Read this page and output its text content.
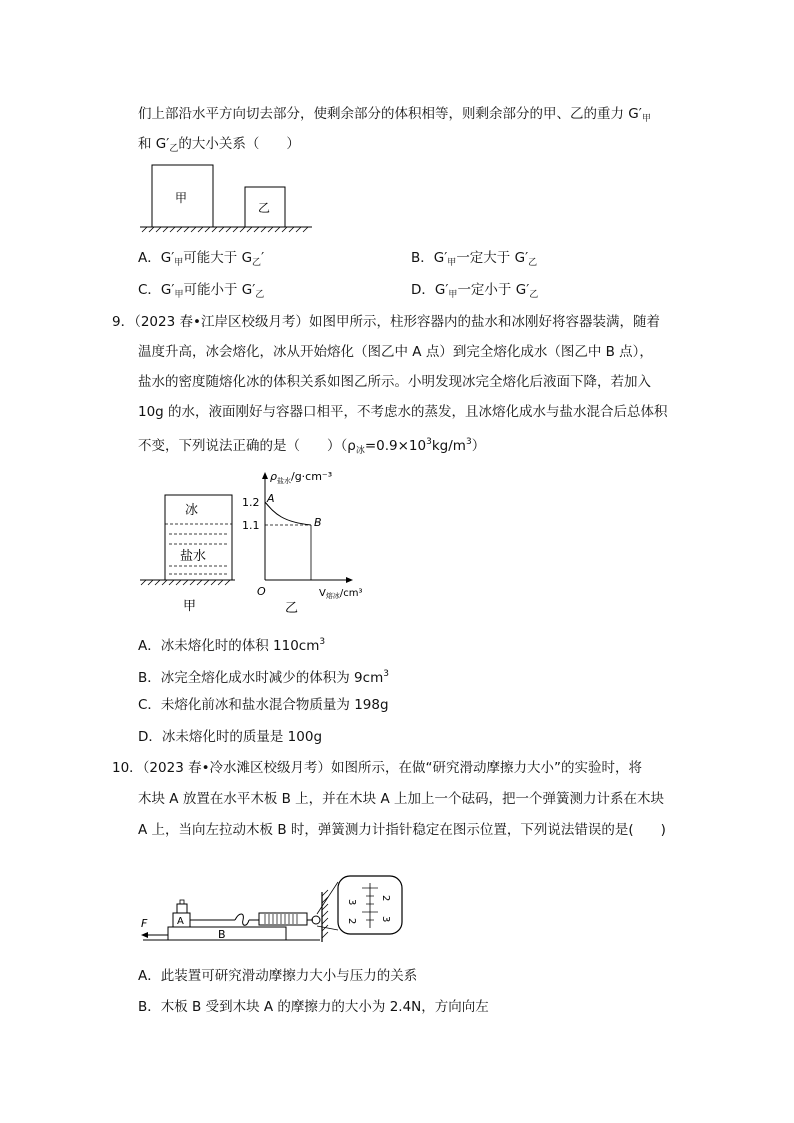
们上部沿水平方向切去部分，使剩余部分的体积相等，则剩余部分的甲、乙的重力 $G'_甲$
和 $G'_乙$的大小关系（　　）
甲
乙
A．$G'_甲$可能大于 $G_乙'$	B．$G'_甲$一定大于 $G'_乙$
C．$G'_甲$可能小于 $G'_乙$	D．$G'_甲$一定小于 $G'_乙$
9．（2023 春•江岸区校级月考）如图甲所示，柱形容器内的盐水和冰刚好将容器装满，随着
温度升高，冰会熔化，冰从开始熔化（图乙中 A 点）到完全熔化成水（图乙中 B 点），
盐水的密度随熔化冰的体积关系如图乙所示。小明发现冰完全熔化后液面下降，若加入
10g 的水，液面刚好与容器口相平，不考虑水的蒸发，且冰熔化成水与盐水混合后总体积
不变，下列说法正确的是（　　）$(\rho_冰=0.9\times 10^3kg/m^3)$
冰
盐水
甲
$\rho_{盐水}/g\cdot cm^{-3}$
1.2
1.1
A
B
O	$V_{熔冰}$/cm³
乙
A．冰未熔化时的体积 $110cm^3$
B．冰完全熔化成水时减少的体积为 $9cm^3$
C．未熔化前冰和盐水混合物质量为 198g
D．冰未熔化时的质量是 100g
10．（2023 春•冷水滩区校级月考）如图所示，在做“研究滑动摩擦力大小”的实验时，将
木块 A 放置在水平木板 B 上，并在木块 A 上加上一个砝码，把一个弹簧测力计系在木块
A 上，当向左拉动木板 B 时，弹簧测力计指针稳定在图示位置，下列说法错误的是(　　)
B
F	A
2
3
3
2
A．此装置可研究滑动摩擦力大小与压力的关系
B．木板 B 受到木块 A 的摩擦力的大小为 2.4N，方向向左
